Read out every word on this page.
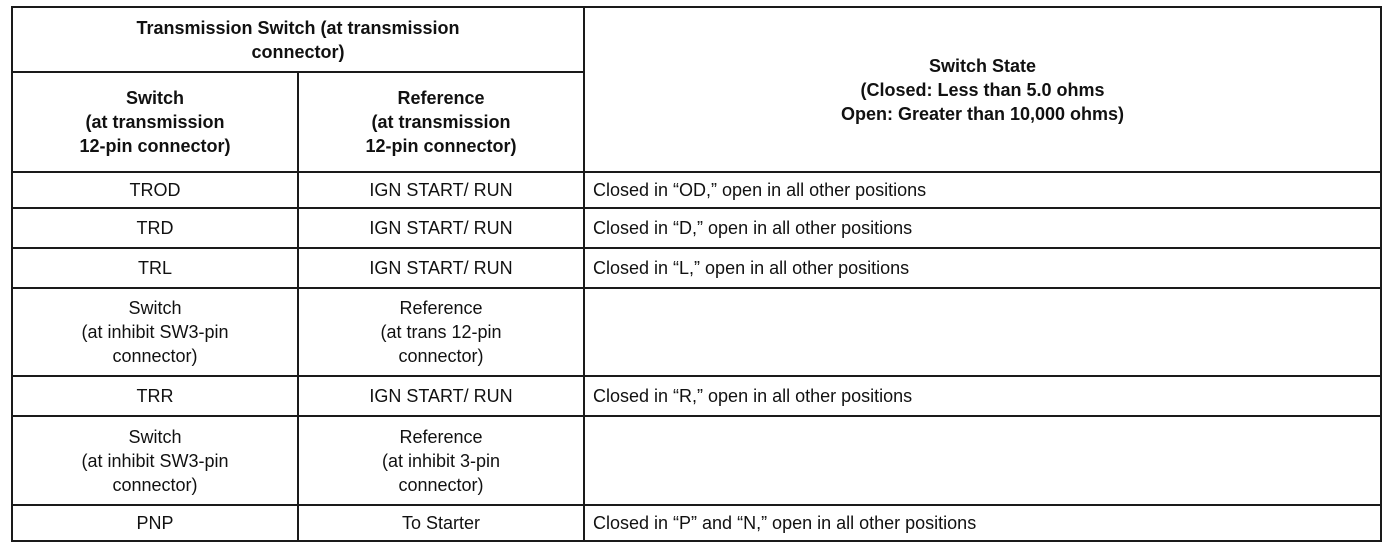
Transmission Switch (at transmission
connector)		Switch State
(Closed: Less than 5.0 ohms
Open: Greater than 10,000 ohms)
Switch
(at transmission
12-pin connector)	Reference
(at transmission
12-pin connector)	
TROD	IGN START/ RUN	Closed in “OD,” open in all other positions
TRD	IGN START/ RUN	Closed in “D,” open in all other positions
TRL	IGN START/ RUN	Closed in “L,” open in all other positions
Switch
(at inhibit SW3-pin
connector)	Reference
(at trans 12-pin
connector)	
TRR	IGN START/ RUN	Closed in “R,” open in all other positions
Switch
(at inhibit SW3-pin
connector)	Reference
(at inhibit 3-pin
connector)	
PNP	To Starter	Closed in “P” and “N,” open in all other positions
